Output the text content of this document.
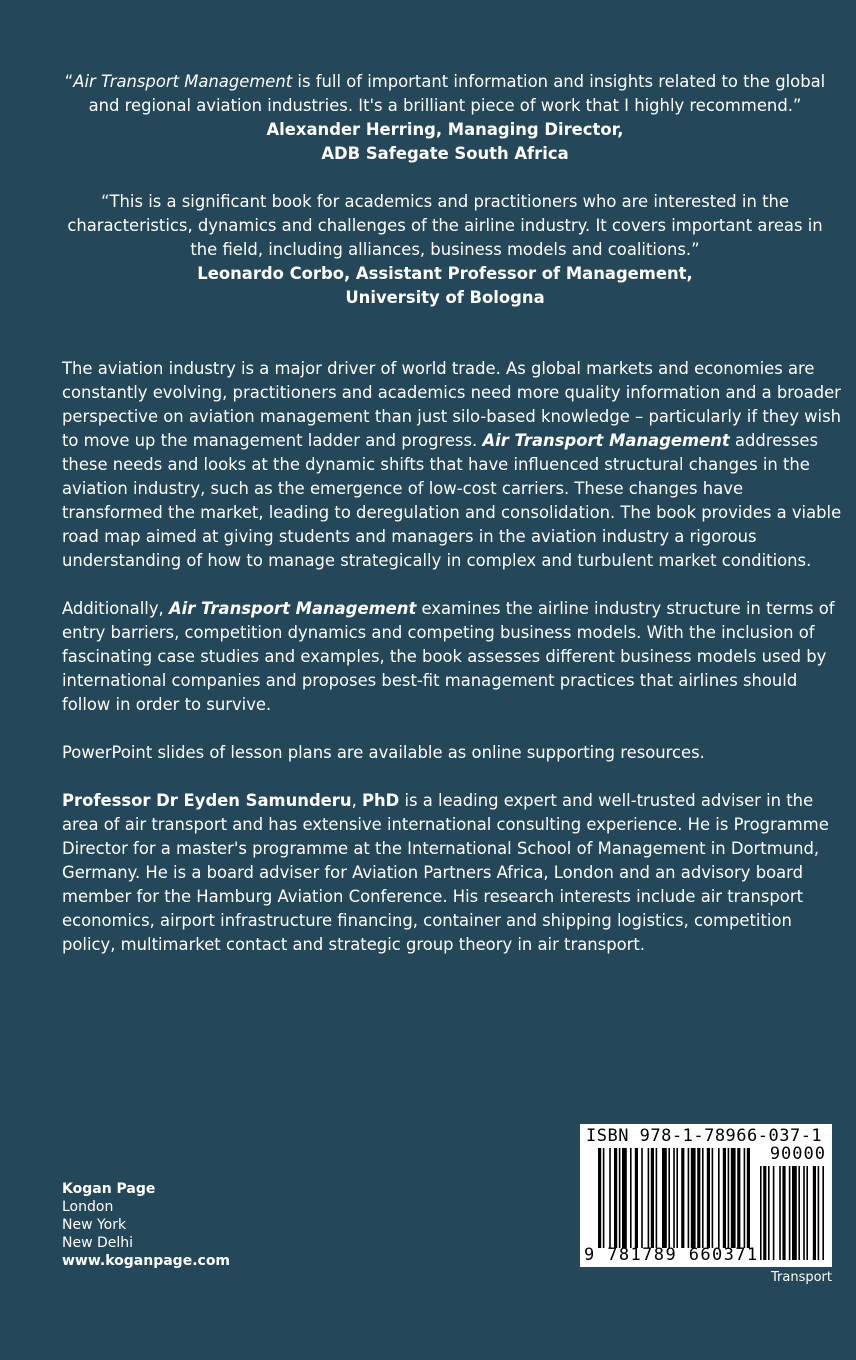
“Air Transport Management is full of important information and insights related to the global and regional aviation industries. It's a brilliant piece of work that I highly recommend.”
Alexander Herring, Managing Director,
ADB Safegate South Africa
“This is a significant book for academics and practitioners who are interested in the characteristics, dynamics and challenges of the airline industry. It covers important areas in the field, including alliances, business models and coalitions.”
Leonardo Corbo, Assistant Professor of Management,
University of Bologna

The aviation industry is a major driver of world trade. As global markets and economies are constantly evolving, practitioners and academics need more quality information and a broader perspective on aviation management than just silo-based knowledge – particularly if they wish to move up the management ladder and progress. Air Transport Management addresses these needs and looks at the dynamic shifts that have influenced structural changes in the aviation industry, such as the emergence of low-cost carriers. These changes have transformed the market, leading to deregulation and consolidation. The book provides a viable road map aimed at giving students and managers in the aviation industry a rigorous understanding of how to manage strategically in complex and turbulent market conditions.

Additionally, Air Transport Management examines the airline industry structure in terms of entry barriers, competition dynamics and competing business models. With the inclusion of fascinating case studies and examples, the book assesses different business models used by international companies and proposes best-fit management practices that airlines should follow in order to survive.

PowerPoint slides of lesson plans are available as online supporting resources.

Professor Dr Eyden Samunderu, PhD is a leading expert and well-trusted adviser in the area of air transport and has extensive international consulting experience. He is Programme Director for a master's programme at the International School of Management in Dortmund, Germany. He is a board adviser for Aviation Partners Africa, London and an advisory board member for the Hamburg Aviation Conference. His research interests include air transport economics, airport infrastructure financing, container and shipping logistics, competition policy, multimarket contact and strategic group theory in air transport.

Kogan Page
London
New York
New Delhi
www.koganpage.com
ISBN 978-1-78966-037-1
90000
9 781789 660371
Transport
